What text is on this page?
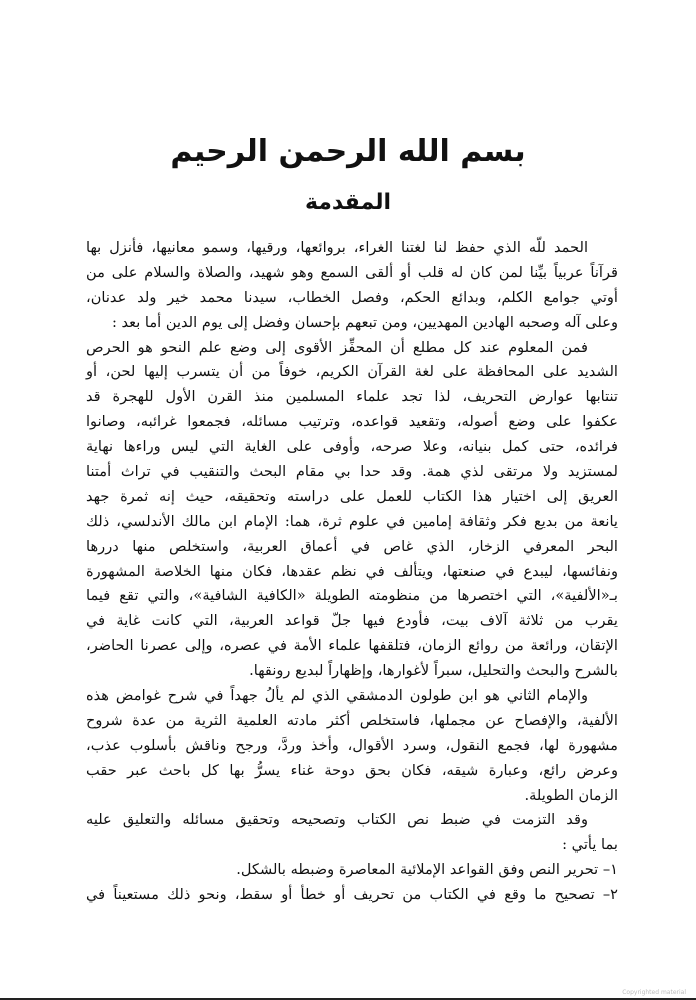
بسم الله الرحمن الرحيم
المقدمة
الحمد للّه الذي حفظ لنا لغتنا الغراء، بروائعها، ورقيها، وسمو معانيها، فأنزل بها
قرآناً عربياً بيِّنا لمن كان له قلب أو ألقى السمع وهو شهيد، والصلاة والسلام على من
أوتي جوامع الكلم، وبدائع الحكم، وفصل الخطاب، سيدنا محمد خير ولد عدنان،
وعلى آله وصحبه الهادين المهديين، ومن تبعهم بإحسان وفضل إلى يوم الدين أما بعد :
فمن المعلوم عند كل مطلع أن المحفِّز الأقوى إلى وضع علم النحو هو الحرص
الشديد على المحافظة على لغة القرآن الكريم، خوفاً من أن يتسرب إليها لحن، أو
تنتابها عوارض التحريف، لذا تجد علماء المسلمين منذ القرن الأول للهجرة قد
عكفوا على وضع أصوله، وتقعيد قواعده، وترتيب مسائله، فجمعوا غرائبه، وصانوا
فرائده، حتى كمل بنيانه، وعلا صرحه، وأوفى على الغاية التي ليس وراءها نهاية
لمستزيد ولا مرتقى لذي همة. وقد حدا بي مقام البحث والتنقيب في تراث أمتنا
العريق إلى اختيار هذا الكتاب للعمل على دراسته وتحقيقه، حيث إنه ثمرة جهد
يانعة من بديع فكر وثقافة إمامين في علوم ثرة، هما: الإمام ابن مالك الأندلسي، ذلك
البحر المعرفي الزخار، الذي غاص في أعماق العربية، واستخلص منها دررها
ونفائسها، ليبدع في صنعتها، ويتألف في نظم عقدها، فكان منها الخلاصة المشهورة
بـ«الألفية»، التي اختصرها من منظومته الطويلة «الكافية الشافية»، والتي تقع فيما
يقرب من ثلاثة آلاف بيت، فأودع فيها جلّ قواعد العربية، التي كانت غاية في
الإتقان، ورائعة من روائع الزمان، فتلقفها علماء الأمة في عصره، وإلى عصرنا الحاضر،
بالشرح والبحث والتحليل، سبراً لأغوارها، وإظهاراً لبديع رونقها.
والإمام الثاني هو ابن طولون الدمشقي الذي لم يألُ جهداً في شرح غوامض هذه
الألفية، والإفصاح عن مجملها، فاستخلص أكثر مادته العلمية الثرية من عدة شروح
مشهورة لها، فجمع النقول، وسرد الأقوال، وأخذ وردَّ، ورجح وناقش بأسلوب عذب،
وعرض رائع، وعبارة شيقه، فكان بحق دوحة غناء يسرُّ بها كل باحث عبر حقب
الزمان الطويلة.
وقد التزمت في ضبط نص الكتاب وتصحيحه وتحقيق مسائله والتعليق عليه
بما يأتي :
١– تحرير النص وفق القواعد الإملائية المعاصرة وضبطه بالشكل.
٢– تصحيح ما وقع في الكتاب من تحريف أو خطأ أو سقط، ونحو ذلك مستعيناً في
Copyrighted material
